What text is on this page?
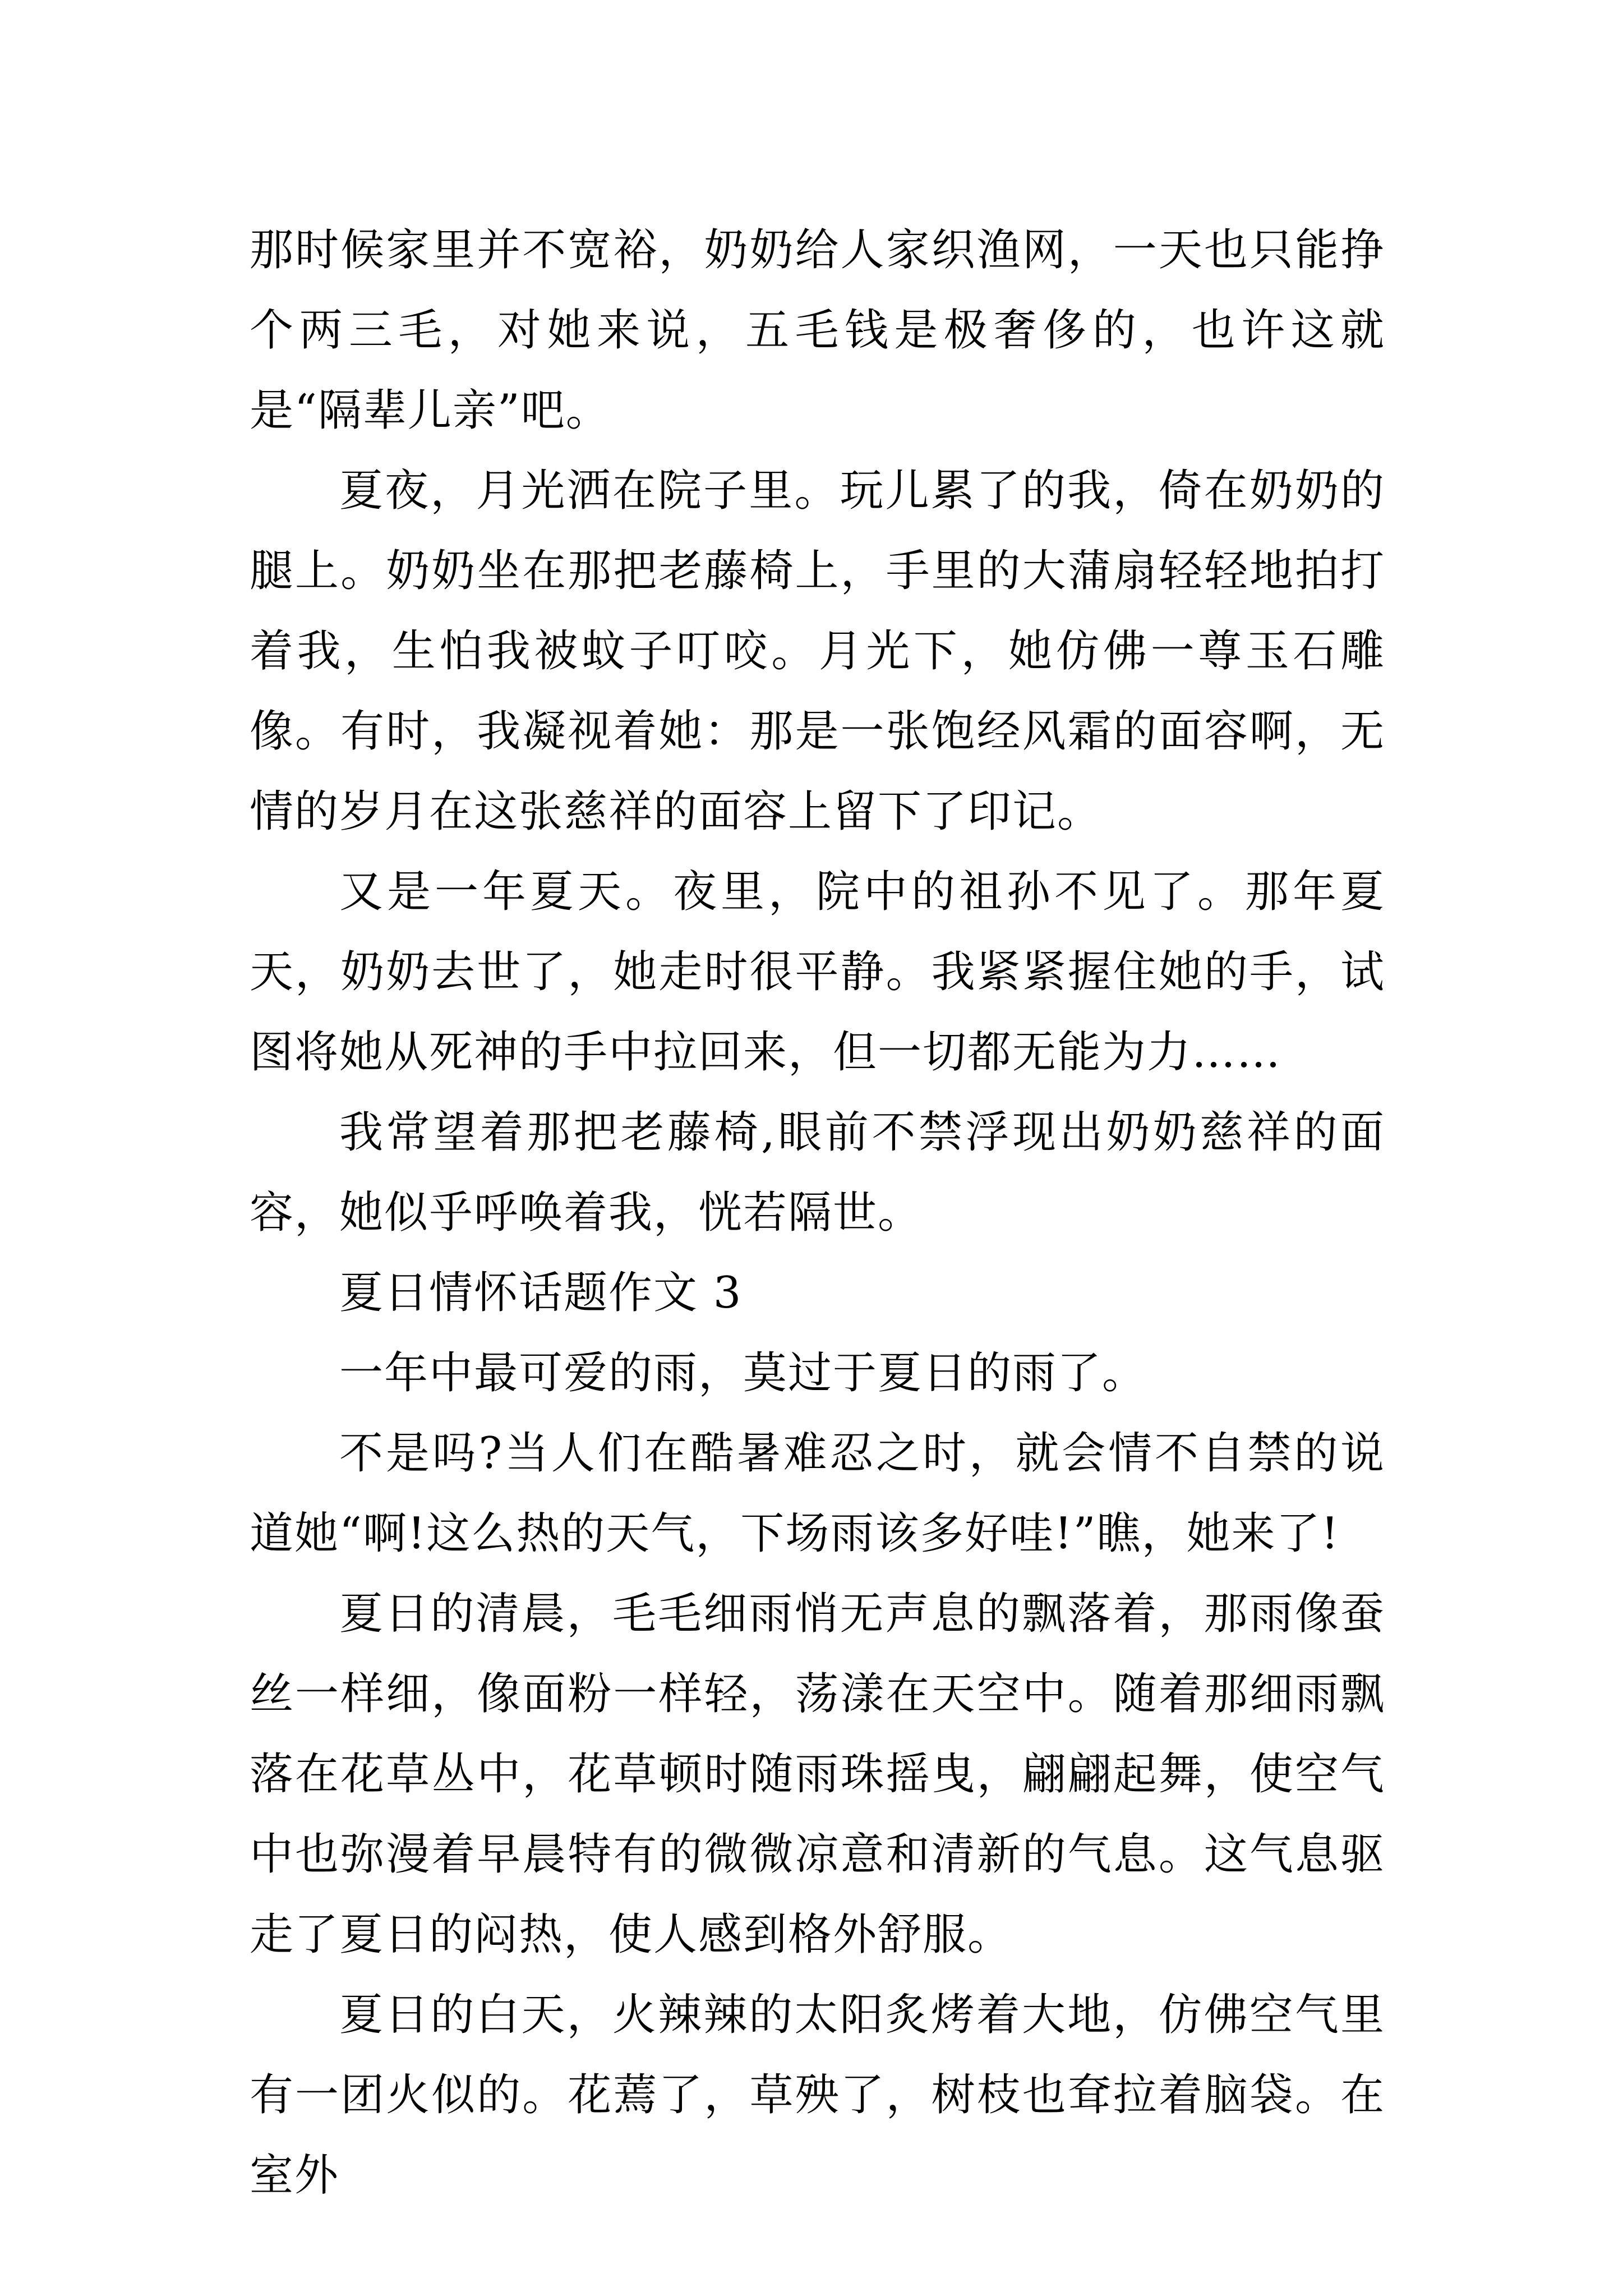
那时候家里并不宽裕，奶奶给人家织渔网，一天也只能挣个两三毛，对她来说，五毛钱是极奢侈的，也许这就是“隔辈儿亲”吧。

夏夜，月光洒在院子里。玩儿累了的我，倚在奶奶的腿上。奶奶坐在那把老藤椅上，手里的大蒲扇轻轻地拍打着我，生怕我被蚊子叮咬。月光下，她仿佛一尊玉石雕像。有时，我凝视着她：那是一张饱经风霜的面容啊，无情的岁月在这张慈祥的面容上留下了印记。

又是一年夏天。夜里，院中的祖孙不见了。那年夏天，奶奶去世了，她走时很平静。我紧紧握住她的手，试图将她从死神的手中拉回来，但一切都无能为力……

我常望着那把老藤椅,眼前不禁浮现出奶奶慈祥的面容，她似乎呼唤着我，恍若隔世。

夏日情怀话题作文 3

一年中最可爱的雨，莫过于夏日的雨了。

不是吗?当人们在酷暑难忍之时，就会情不自禁的说道她“啊!这么热的天气，下场雨该多好哇!”瞧，她来了!

夏日的清晨，毛毛细雨悄无声息的飘落着，那雨像蚕丝一样细，像面粉一样轻，荡漾在天空中。随着那细雨飘落在花草丛中，花草顿时随雨珠摇曳，翩翩起舞，使空气中也弥漫着早晨特有的微微凉意和清新的气息。这气息驱走了夏日的闷热，使人感到格外舒服。

夏日的白天，火辣辣的太阳炙烤着大地，仿佛空气里有一团火似的。花蔫了，草殃了，树枝也耷拉着脑袋。在室外
